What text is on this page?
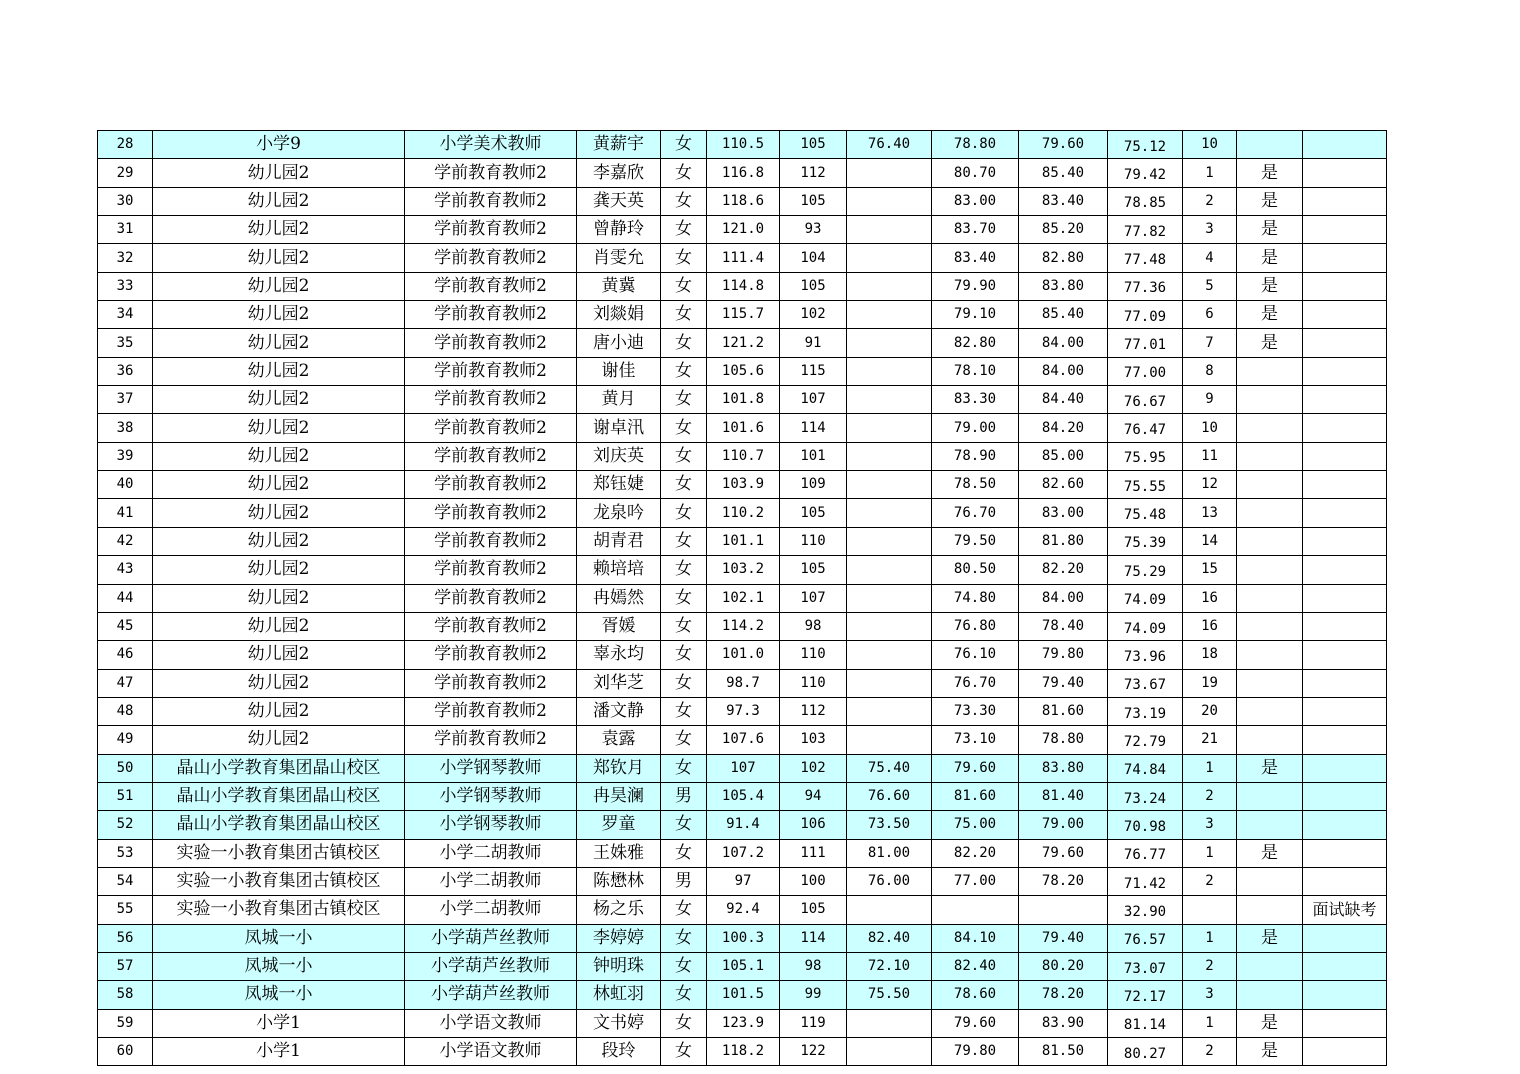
28	小学9	小学美术教师	黄薪宇	女	110.5	105	76.40	78.80	79.60	75.12	10		
29	幼儿园2	学前教育教师2	李嘉欣	女	116.8	112		80.70	85.40	79.42	1	是	
30	幼儿园2	学前教育教师2	龚天英	女	118.6	105		83.00	83.40	78.85	2	是	
31	幼儿园2	学前教育教师2	曾静玲	女	121.0	93		83.70	85.20	77.82	3	是	
32	幼儿园2	学前教育教师2	肖雯允	女	111.4	104		83.40	82.80	77.48	4	是	
33	幼儿园2	学前教育教师2	黄冀	女	114.8	105		79.90	83.80	77.36	5	是	
34	幼儿园2	学前教育教师2	刘燚娟	女	115.7	102		79.10	85.40	77.09	6	是	
35	幼儿园2	学前教育教师2	唐小迪	女	121.2	91		82.80	84.00	77.01	7	是	
36	幼儿园2	学前教育教师2	谢佳	女	105.6	115		78.10	84.00	77.00	8		
37	幼儿园2	学前教育教师2	黄月	女	101.8	107		83.30	84.40	76.67	9		
38	幼儿园2	学前教育教师2	谢卓汛	女	101.6	114		79.00	84.20	76.47	10		
39	幼儿园2	学前教育教师2	刘庆英	女	110.7	101		78.90	85.00	75.95	11		
40	幼儿园2	学前教育教师2	郑钰婕	女	103.9	109		78.50	82.60	75.55	12		
41	幼儿园2	学前教育教师2	龙泉吟	女	110.2	105		76.70	83.00	75.48	13		
42	幼儿园2	学前教育教师2	胡青君	女	101.1	110		79.50	81.80	75.39	14		
43	幼儿园2	学前教育教师2	赖培培	女	103.2	105		80.50	82.20	75.29	15		
44	幼儿园2	学前教育教师2	冉嫣然	女	102.1	107		74.80	84.00	74.09	16		
45	幼儿园2	学前教育教师2	胥媛	女	114.2	98		76.80	78.40	74.09	16		
46	幼儿园2	学前教育教师2	辜永均	女	101.0	110		76.10	79.80	73.96	18		
47	幼儿园2	学前教育教师2	刘华芝	女	98.7	110		76.70	79.40	73.67	19		
48	幼儿园2	学前教育教师2	潘文静	女	97.3	112		73.30	81.60	73.19	20		
49	幼儿园2	学前教育教师2	袁露	女	107.6	103		73.10	78.80	72.79	21		
50	晶山小学教育集团晶山校区	小学钢琴教师	郑钦月	女	107	102	75.40	79.60	83.80	74.84	1	是	
51	晶山小学教育集团晶山校区	小学钢琴教师	冉昊澜	男	105.4	94	76.60	81.60	81.40	73.24	2		
52	晶山小学教育集团晶山校区	小学钢琴教师	罗童	女	91.4	106	73.50	75.00	79.00	70.98	3		
53	实验一小教育集团古镇校区	小学二胡教师	王姝雅	女	107.2	111	81.00	82.20	79.60	76.77	1	是	
54	实验一小教育集团古镇校区	小学二胡教师	陈懋林	男	97	100	76.00	77.00	78.20	71.42	2		
55	实验一小教育集团古镇校区	小学二胡教师	杨之乐	女	92.4	105				32.90			面试缺考
56	凤城一小	小学葫芦丝教师	李婷婷	女	100.3	114	82.40	84.10	79.40	76.57	1	是	
57	凤城一小	小学葫芦丝教师	钟明珠	女	105.1	98	72.10	82.40	80.20	73.07	2		
58	凤城一小	小学葫芦丝教师	林虹羽	女	101.5	99	75.50	78.60	78.20	72.17	3		
59	小学1	小学语文教师	文书婷	女	123.9	119		79.60	83.90	81.14	1	是	
60	小学1	小学语文教师	段玲	女	118.2	122		79.80	81.50	80.27	2	是	
